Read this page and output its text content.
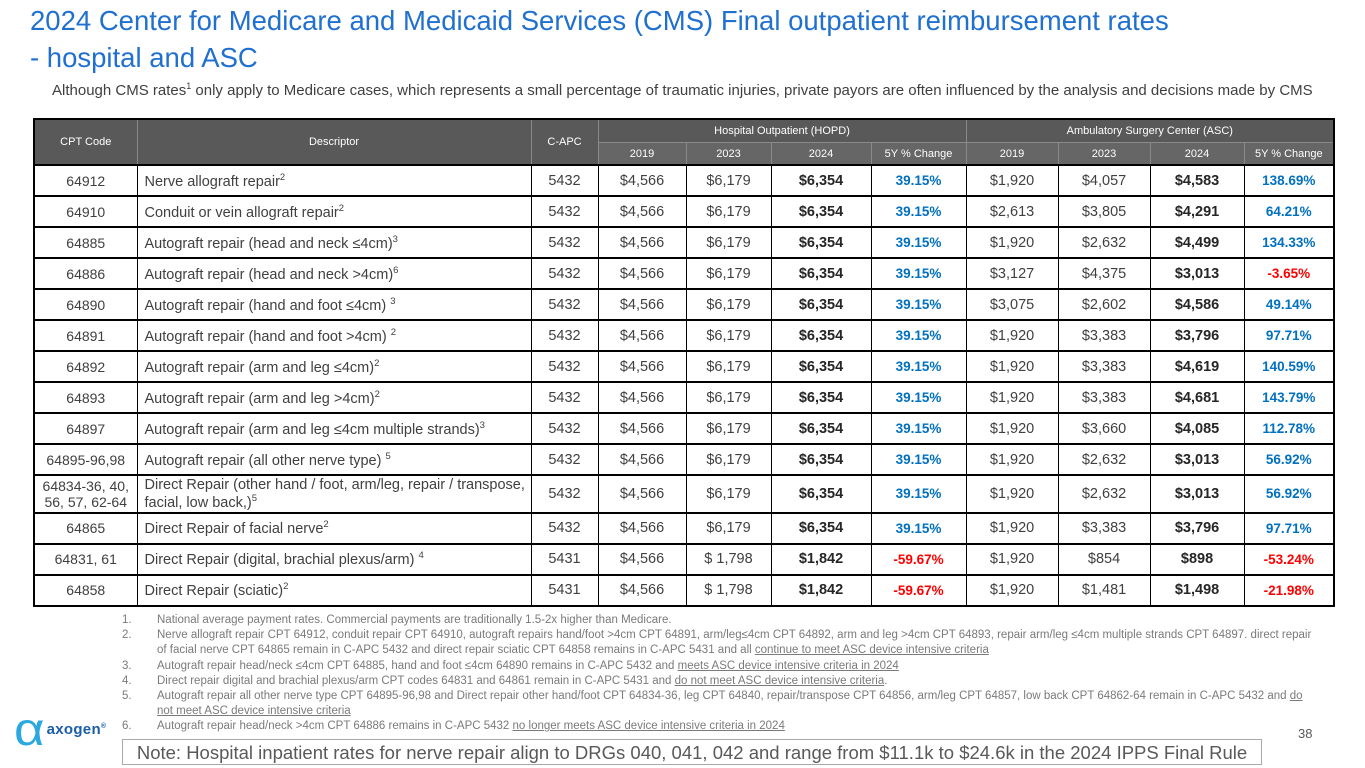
2024 Center for Medicare and Medicaid Services (CMS) Final outpatient reimbursement rates - hospital and ASC
Although CMS rates$^1$ only apply to Medicare cases, which represents a small percentage of traumatic injuries, private payors are often influenced by the analysis and decisions made by CMS
CPT Code	Descriptor	C-APC	Hospital Outpatient (HOPD)				Ambulatory Surgery Center (ASC)			
			2019	2023	2024	5Y % Change	2019	2023	2024	5Y % Change
64912	Nerve allograft repair$^2$	5432	$4,566	$6,179	$6,354	39.15%	$1,920	$4,057	$4,583	138.69%
64910	Conduit or vein allograft repair$^2$	5432	$4,566	$6,179	$6,354	39.15%	$2,613	$3,805	$4,291	64.21%
64885	Autograft repair (head and neck ≤4cm)$^3$	5432	$4,566	$6,179	$6,354	39.15%	$1,920	$2,632	$4,499	134.33%
64886	Autograft repair (head and neck >4cm)$^6$	5432	$4,566	$6,179	$6,354	39.15%	$3,127	$4,375	$3,013	-3.65%
64890	Autograft repair (hand and foot ≤4cm) $^3$	5432	$4,566	$6,179	$6,354	39.15%	$3,075	$2,602	$4,586	49.14%
64891	Autograft repair (hand and foot >4cm) $^2$	5432	$4,566	$6,179	$6,354	39.15%	$1,920	$3,383	$3,796	97.71%
64892	Autograft repair (arm and leg ≤4cm)$^2$	5432	$4,566	$6,179	$6,354	39.15%	$1,920	$3,383	$4,619	140.59%
64893	Autograft repair (arm and leg >4cm)$^2$	5432	$4,566	$6,179	$6,354	39.15%	$1,920	$3,383	$4,681	143.79%
64897	Autograft repair (arm and leg ≤4cm multiple strands)$^3$	5432	$4,566	$6,179	$6,354	39.15%	$1,920	$3,660	$4,085	112.78%
64895-96,98	Autograft repair (all other nerve type) $^5$	5432	$4,566	$6,179	$6,354	39.15%	$1,920	$2,632	$3,013	56.92%
64834-36, 40, 56, 57, 62-64	Direct Repair (other hand / foot, arm/leg, repair / transpose, facial, low back,)$^5$	5432	$4,566	$6,179	$6,354	39.15%	$1,920	$2,632	$3,013	56.92%
64865	Direct Repair of facial nerve$^2$	5432	$4,566	$6,179	$6,354	39.15%	$1,920	$3,383	$3,796	97.71%
64831, 61	Direct Repair (digital, brachial plexus/arm) $^4$	5431	$4,566	$ 1,798	$1,842	-59.67%	$1,920	$854	$898	-53.24%
64858	Direct Repair (sciatic)$^2$	5431	$4,566	$ 1,798	$1,842	-59.67%	$1,920	$1,481	$1,498	-21.98%
1.	National average payment rates. Commercial payments are traditionally 1.5-2x higher than Medicare.
2.	Nerve allograft repair CPT 64912, conduit repair CPT 64910, autograft repairs hand/foot >4cm CPT 64891, arm/leg≤4cm CPT 64892, arm and leg >4cm CPT 64893, repair arm/leg ≤4cm multiple strands CPT 64897. direct repair of facial nerve CPT 64865 remain in C-APC 5432 and direct repair sciatic CPT 64858 remains in C-APC 5431 and all continue to meet ASC device intensive criteria
3.	Autograft repair head/neck ≤4cm CPT 64885, hand and foot ≤4cm 64890 remains in C-APC 5432 and meets ASC device intensive criteria in 2024
4.	Direct repair digital and brachial plexus/arm CPT codes 64831 and 64861 remain in C-APC 5431 and do not meet ASC device intensive criteria.
5.	Autograft repair all other nerve type CPT 64895-96,98 and Direct repair other hand/foot CPT 64834-36, leg CPT 64840, repair/transpose CPT 64856, arm/leg CPT 64857, low back CPT 64862-64 remain in C-APC 5432 and do not meet ASC device intensive criteria
6.	Autograft repair head/neck >4cm CPT 64886 remains in C-APC 5432 no longer meets ASC device intensive criteria in 2024
Note: Hospital inpatient rates for nerve repair align to DRGs 040, 041, 042 and range from $11.1k to $24.6k in the 2024 IPPS Final Rule
38
α axogen®
